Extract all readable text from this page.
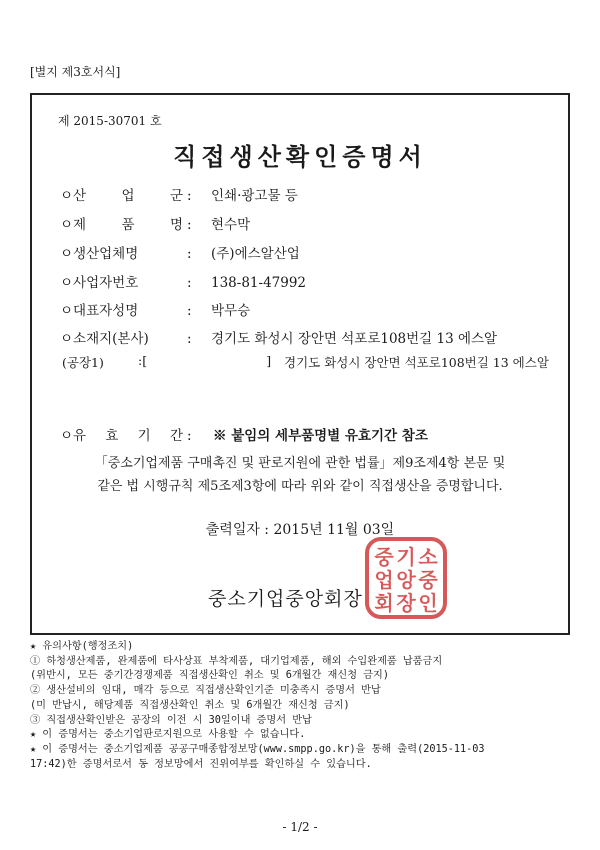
[별지 제3호서식]
제 2015-30701 호
직접생산확인증명서
ㅇ산 업 군 :	인쇄·광고물 등
ㅇ제 품 명 :	현수막
ㅇ생산업체명	:	(주)에스알산업
ㅇ사업자번호	:	138-81-47992
ㅇ대표자성명	:	박무승
ㅇ소재지(본사)	:	경기도 화성시 장안면 석포로108번길 13 에스알
(공장1)	:[                              ] 경기도 화성시 장안면 석포로108번길 13 에스알
ㅇ유 효 기 간 :	※ 붙임의 세부품명별 유효기간 참조
「중소기업제품 구매촉진 및 판로지원에 관한 법률」제9조제4항 본문 및
같은 법 시행규칙 제5조제3항에 따라 위와 같이 직접생산을 증명합니다.
출력일자 : 2015년 11월 03일
중소기업중앙회장
중 기 소
업 앙 중
회 장 인
★ 유의사항(행정조치)
① 하청생산제품, 완제품에 타사상표 부착제품, 대기업제품, 해외 수입완제품 납품금지
(위반시, 모든 중기간경쟁제품 직접생산확인 취소 및 6개월간 재신청 금지)
② 생산설비의 임대, 매각 등으로 직접생산확인기준 미충족시 증명서 반납
(미 반납시, 해당제품 직접생산확인 취소 및 6개월간 재신청 금지)
③ 직접생산확인받은 공장의 이전 시 30일이내 증명서 반납
★ 이 증명서는 중소기업판로지원으로 사용할 수 없습니다.
★ 이 증명서는 중소기업제품 공공구매종합정보망(www.smpp.go.kr)을 통해 출력(2015-11-03
17:42)한 증명서로서 동 정보망에서 진위여부를 확인하실 수 있습니다.
- 1/2 -
